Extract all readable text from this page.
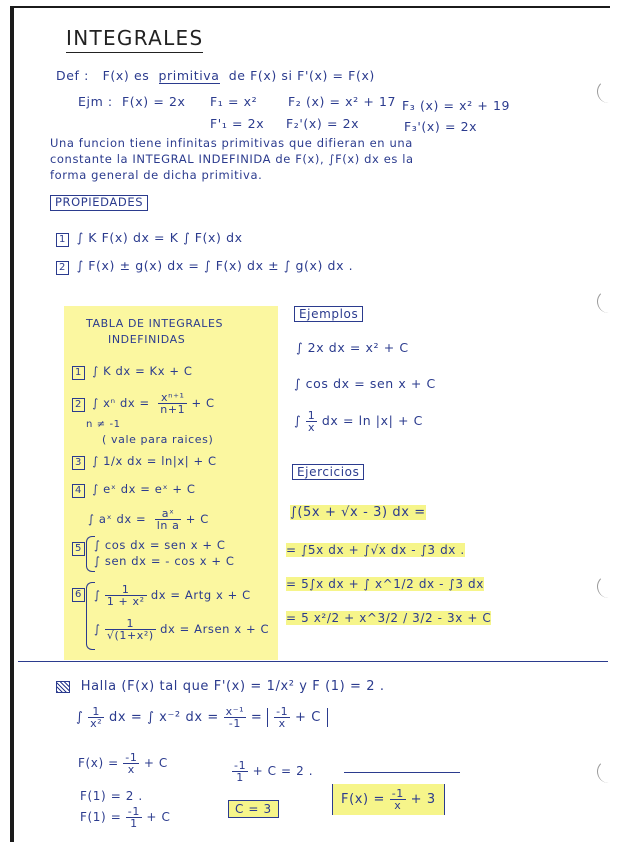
INTEGRALES
Def : F(x) es primitiva de F(x) si F'(x) = F(x)
Ejm : F(x) = 2x F₁ = x² F₂ (x) = x² + 17 F₃ (x) = x² + 19
F'₁ = 2x F₂'(x) = 2x	F₃'(x) = 2x
Una funcion tiene infinitas primitivas que difieran en una
constante la INTEGRAL INDEFINIDA de F(x), ∫F(x) dx es la
forma general de dicha primitiva.
PROPIEDADES
1 ∫ K F(x) dx = K ∫ F(x) dx
2 ∫ F(x) ± g(x) dx = ∫ F(x) dx ± ∫ g(x) dx .
TABLA DE INTEGRALES
INDEFINIDAS
1 ∫ K dx = Kx + C
2 ∫ xⁿ dx = $\frac{\text{xⁿ⁺¹}}{n+1} + C$
n ≠ -1
( vale para raices)
3 ∫ 1/x dx = ln|x| + C
4 ∫ eˣ dx = eˣ + C
∫ aˣ dx = $\frac{\text{aˣ}}{\text{ln a}} + C$
5	∫ cos dx = sen x + C
∫ sen dx = - cos x + C
6	∫ $\frac{1}{\text{1 + x²}}$ dx = Artg x + C
∫ $\frac{1}{\text{√(1+x²)}}$ dx = Arsen x + C
Ejemplos
∫ 2x dx = x² + C
∫ cos dx = sen x + C
∫ $\frac{1}{x}$ dx = ln |x| + C
Ejercicios
∫(5x + √x - 3) dx =
= ∫5x dx + ∫√x dx - ∫3 dx .
= 5∫x dx + ∫ x^1/2 dx - ∫3 dx
= 5 x²/2 + x^3/2 / 3/2 - 3x + C
Halla (F(x) tal que F'(x) = 1/x² y F (1) = 2 .
∫ $\frac{1}{\text{x²}}$ dx = ∫ x⁻² dx = $\frac{\text{x⁻¹}}{-1} = \frac{-1}{x} + C$
$F(x) = \frac{-1}{x} + C$	$\frac{-1}{1} + C = 2$ .
F(1) = 2 .
C = 3
$F(1) = \frac{-1}{1} + C$
$F(x) = \frac{-1}{x} + 3$
